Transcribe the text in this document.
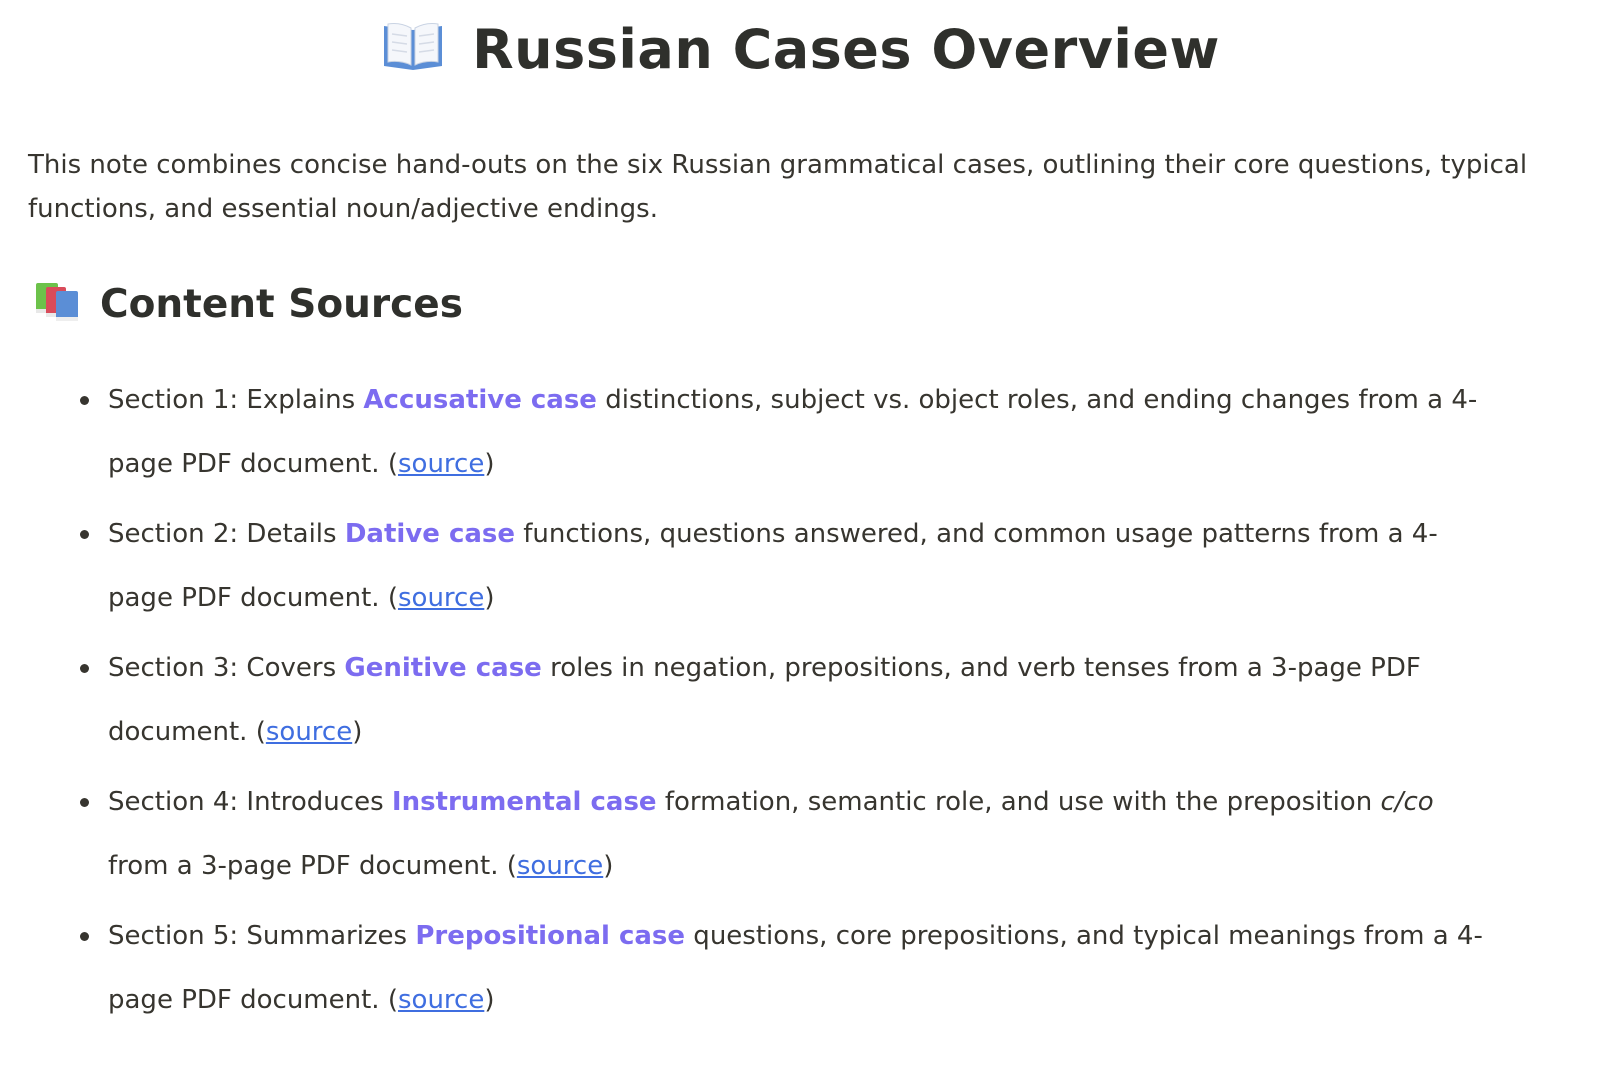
Russian Cases Overview
This note combines concise hand-outs on the six Russian grammatical cases, outlining their core questions, typical functions, and essential noun/adjective endings.
Content Sources
Section 1: Explains Accusative case distinctions, subject vs. object roles, and ending changes from a 4-page PDF document. (source)
Section 2: Details Dative case functions, questions answered, and common usage patterns from a 4-page PDF document. (source)
Section 3: Covers Genitive case roles in negation, prepositions, and verb tenses from a 3-page PDF document. (source)
Section 4: Introduces Instrumental case formation, semantic role, and use with the preposition с/со from a 3-page PDF document. (source)
Section 5: Summarizes Prepositional case questions, core prepositions, and typical meanings from a 4-page PDF document. (source)
